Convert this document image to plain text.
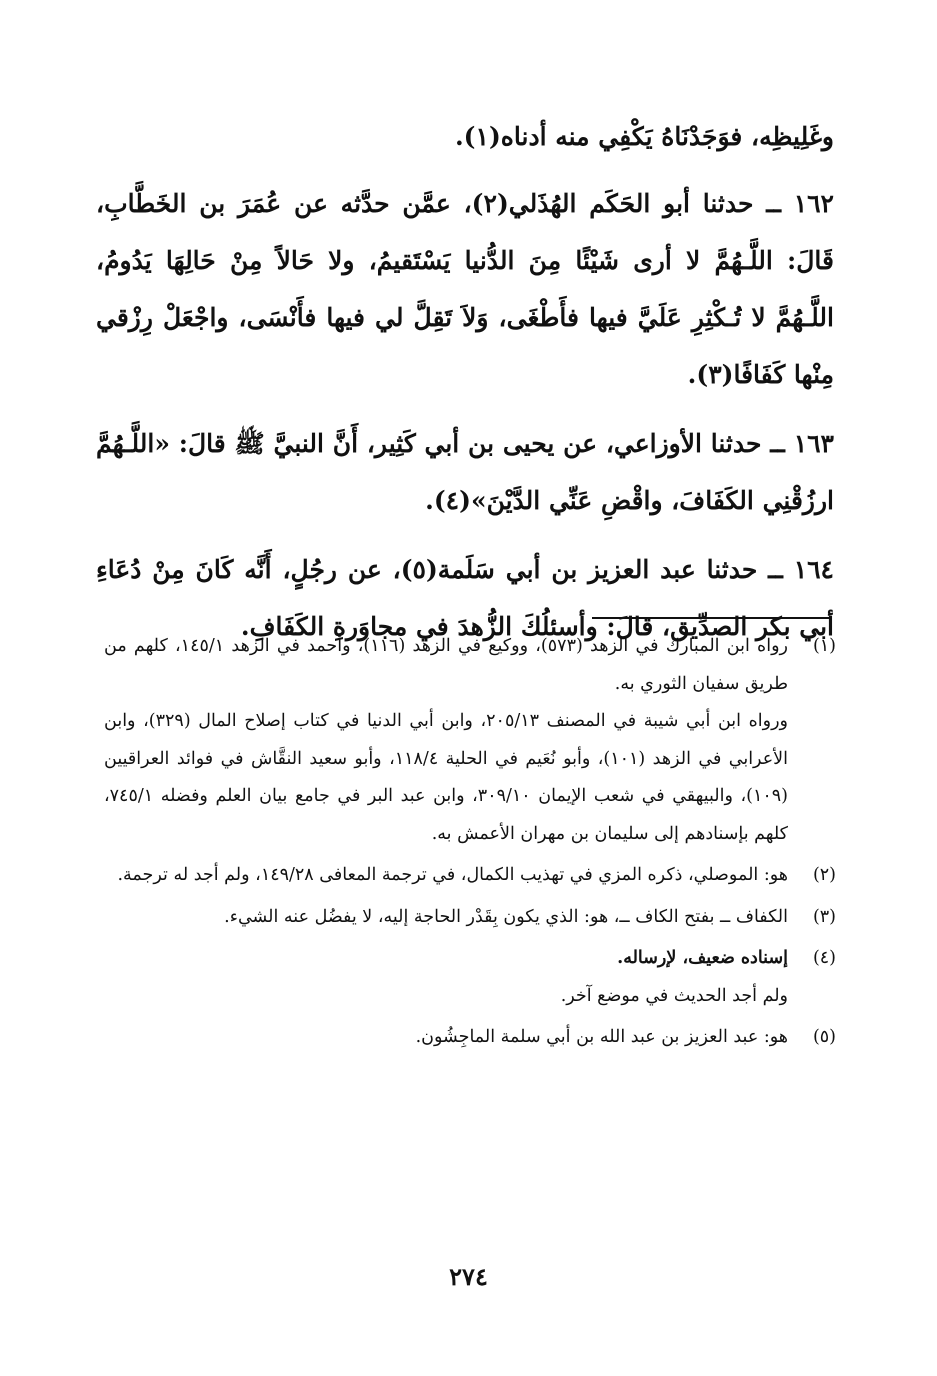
وغَلِيظِه، فوَجَدْنَاهُ يَكْفِي منه أدناه(١).

١٦٢ ــ حدثنا أبو الحَكَم الهُذَلي(٢)، عمَّن حدَّثه عن عُمَرَ بن الخَطَّابِ، قَالَ: اللَّـهُمَّ لا أرى شَيْئًا مِنَ الدُّنيا يَسْتَقيمُ، ولا حَالاً مِنْ حَالِهَا يَدُومُ، اللَّـهُمَّ لا تُـكْثِرِ عَلَيَّ فيها فأَطْغَى، وَلاَ تَقِلَّ لي فيها فأَنْسَى، واجْعَلْ رِزْقي مِنْها كَفَافًا(٣).

١٦٣ ــ حدثنا الأوزاعي، عن يحيى بن أبي كَثِير، أَنَّ النبيَّ ﷺ قالَ: «اللَّـهُمَّ ارزُقْنِي الكَفَافَ، واقْضِ عَنِّي الدَّيْنَ»(٤).

١٦٤ ــ حدثنا عبد العزيز بن أبي سَلَمة(٥)، عن رجُلٍ، أَنَّه كَانَ مِنْ دُعَاءِ أبي بكر الصدِّيق، قالَ: وأسئلُكَ الزُّهدَ في مجاوَرةِ الكَفَافِ.

(١)
رواه ابن المبارك في الزهد (٥٧٣)، ووكيع في الزهد (١١٦)، وأحمد في الزهد ١٤٥/١، كلهم من طريق سفيان الثوري به.
ورواه ابن أبي شيبة في المصنف ٢٠٥/١٣، وابن أبي الدنيا في كتاب إصلاح المال (٣٢٩)، وابن الأعرابي في الزهد (١٠١)، وأبو نُعَيم في الحلية ١١٨/٤، وأبو سعيد النقَّاش في فوائد العراقيين (١٠٩)، والبيهقي في شعب الإيمان ٣٠٩/١٠، وابن عبد البر في جامع بيان العلم وفضله ٧٤٥/١، كلهم بإسنادهم إلى سليمان بن مهران الأعمش به.
(٢)
هو: الموصلي، ذكره المزي في تهذيب الكمال، في ترجمة المعافى ١٤٩/٢٨، ولم أجد له ترجمة.
(٣)
الكفاف ــ بفتح الكاف ــ، هو: الذي يكون بِقَدْر الحاجة إليه، لا يفضُل عنه الشيء.
(٤)
إسناده ضعيف، لإرساله.
ولم أجد الحديث في موضع آخر.
(٥)
هو: عبد العزيز بن عبد الله بن أبي سلمة الماجِشُون.
٢٧٤
